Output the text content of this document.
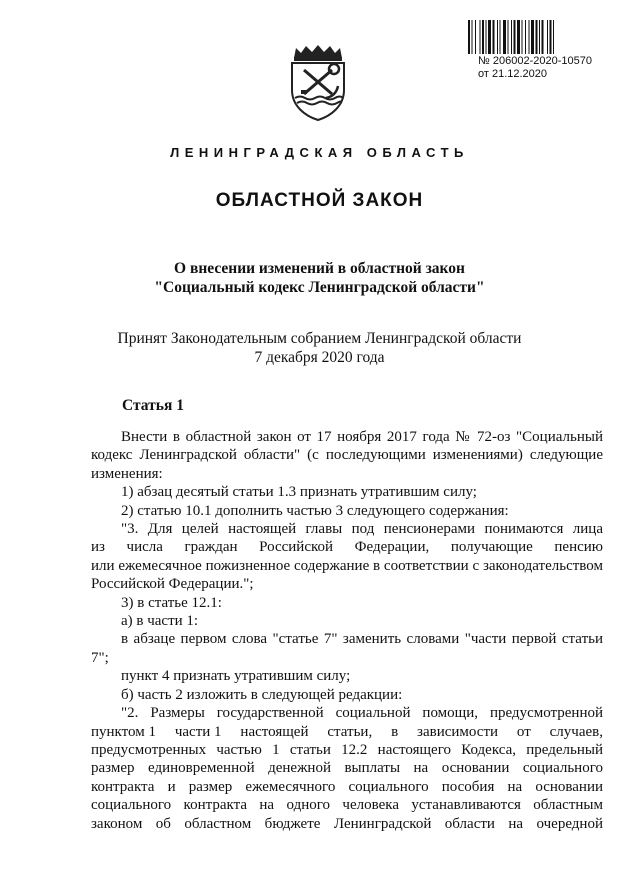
№ 206002-2020-10570
от 21.12.2020
ЛЕНИНГРАДСКАЯ ОБЛАСТЬ
ОБЛАСТНОЙ ЗАКОН
О внесении изменений в областной закон
"Социальный кодекс Ленинградской области"
Принят Законодательным собранием Ленинградской области
7 декабря 2020 года
Статья 1

Внести в областной закон от 17 ноября 2017 года № 72-оз "Социальный кодекс Ленинградской области" (с последующими изменениями) следующие изменения:

1) абзац десятый статьи 1.3 признать утратившим силу;

2) статью 10.1 дополнить частью 3 следующего содержания:

"3. Для целей настоящей главы под пенсионерами понимаются лица

из числа граждан Российской Федерации, получающие пенсию

или ежемесячное пожизненное содержание в соответствии с законодательством Российской Федерации.";

3) в статье 12.1:

а) в части 1:

в абзаце первом слова "статье 7" заменить словами "части первой статьи 7";

пункт 4 признать утратившим силу;

б) часть 2 изложить в следующей редакции:

"2. Размеры государственной социальной помощи, предусмотренной

пунктом 1 части 1 настоящей статьи, в зависимости от случаев,

предусмотренных частью 1 статьи 12.2 настоящего Кодекса, предельный размер единовременной денежной выплаты на основании социального контракта и размер ежемесячного социального пособия на основании социального контракта на одного человека устанавливаются областным законом об областном бюджете Ленинградской области на очередной
